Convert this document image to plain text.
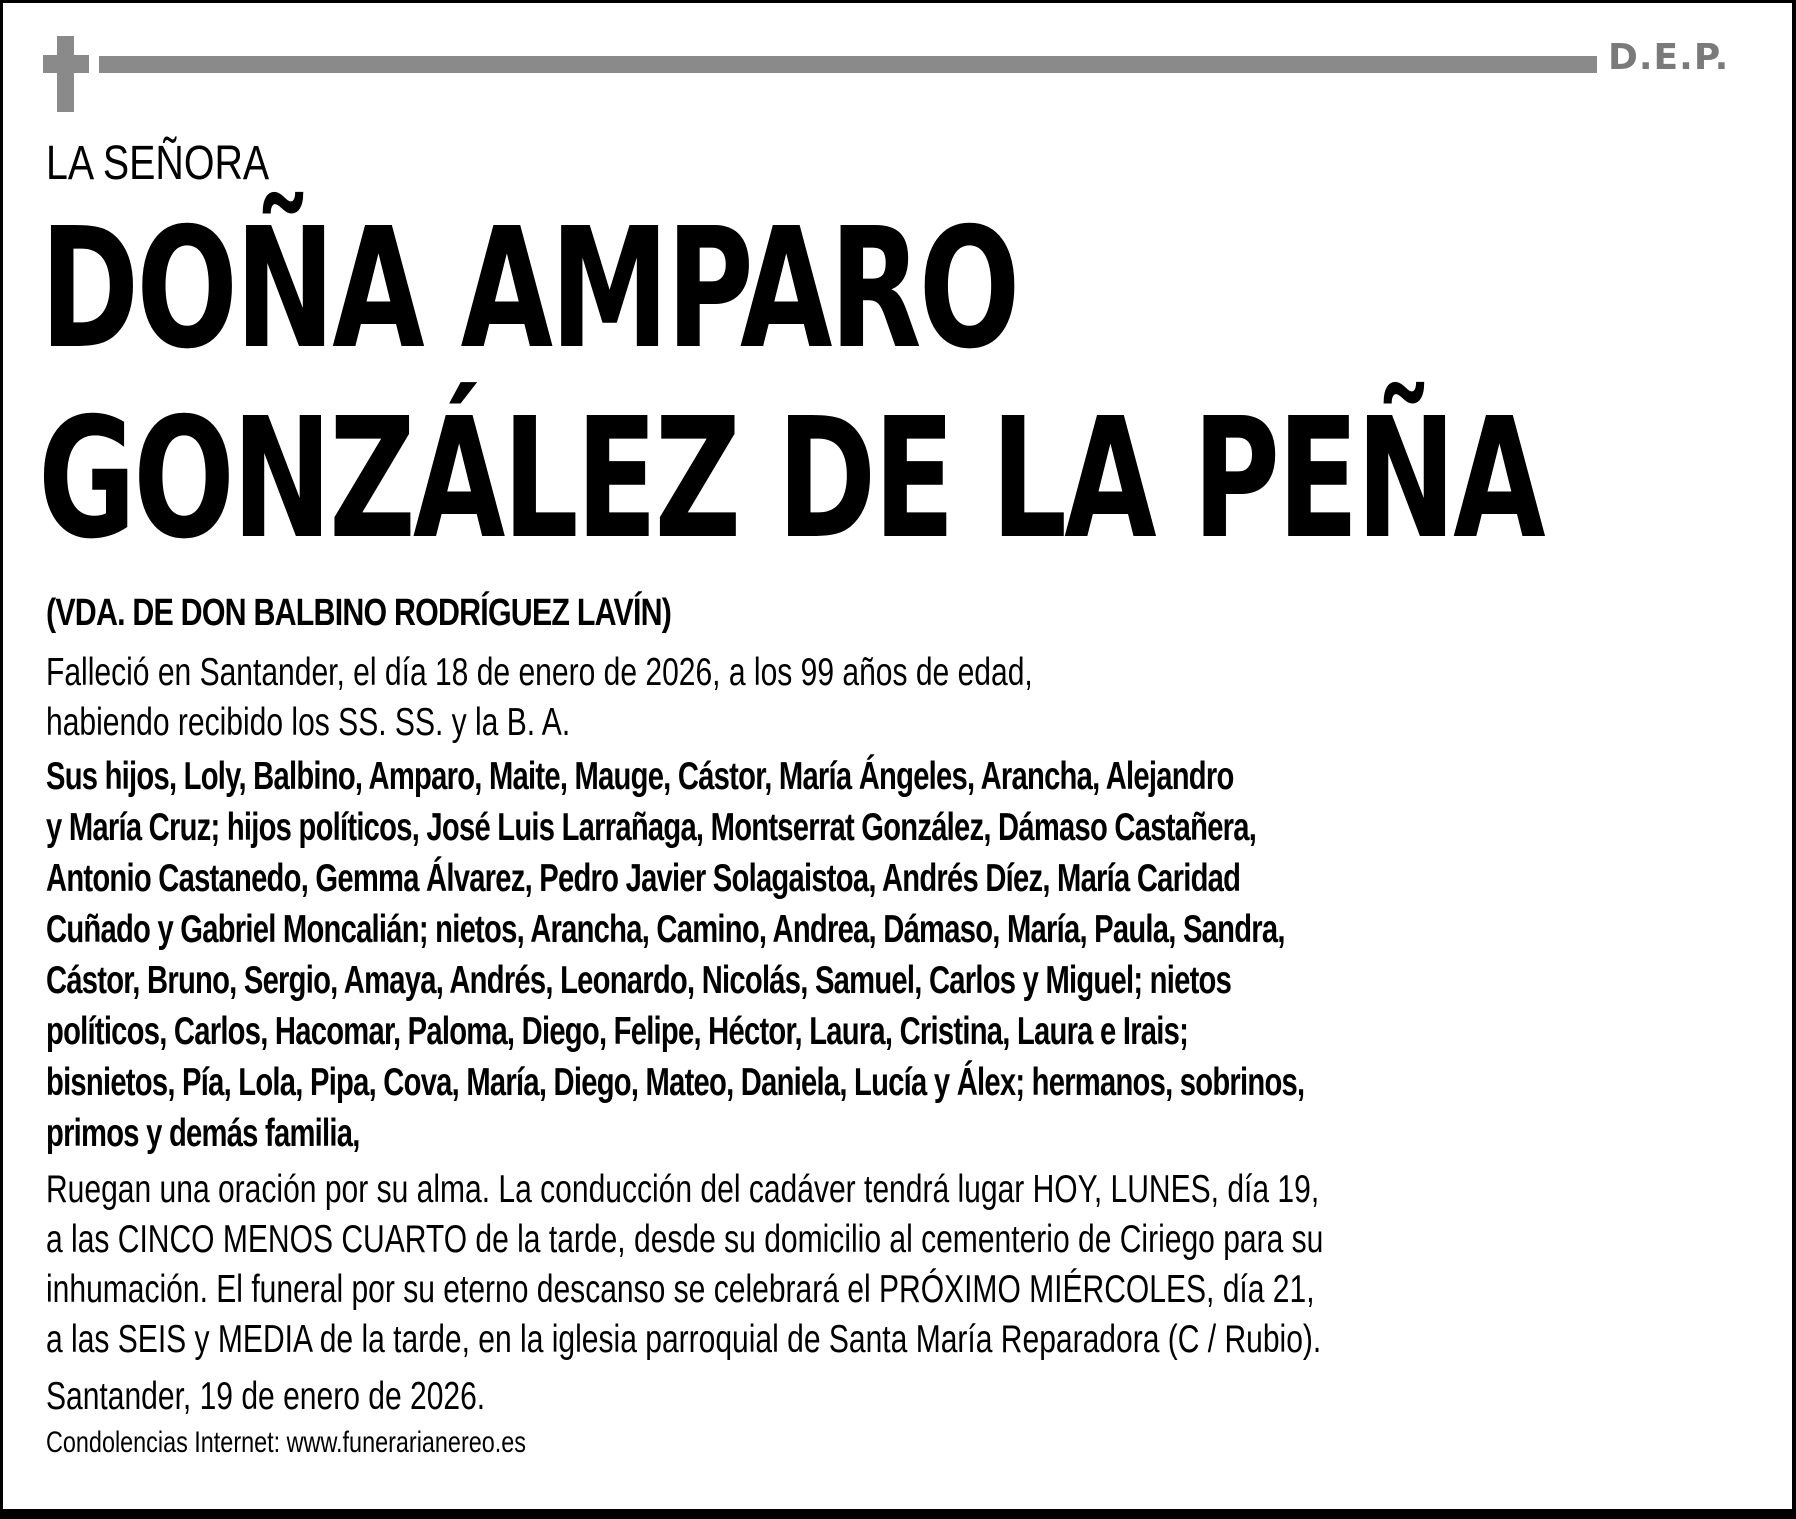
D.E.P.
LA SEÑORA
DOÑA AMPARO
GONZÁLEZ DE LA PEÑA
(VDA. DE DON BALBINO RODRÍGUEZ LAVÍN)
Falleció en Santander, el día 18 de enero de 2026, a los 99 años de edad,
habiendo recibido los SS. SS. y la B. A.
Sus hijos, Loly, Balbino, Amparo, Maite, Mauge, Cástor, María Ángeles, Arancha, Alejandro
y María Cruz; hijos políticos, José Luis Larrañaga, Montserrat González, Dámaso Castañera,
Antonio Castanedo, Gemma Álvarez, Pedro Javier Solagaistoa, Andrés Díez, María Caridad
Cuñado y Gabriel Moncalián; nietos, Arancha, Camino, Andrea, Dámaso, María, Paula, Sandra,
Cástor, Bruno, Sergio, Amaya, Andrés, Leonardo, Nicolás, Samuel, Carlos y Miguel; nietos
políticos, Carlos, Hacomar, Paloma, Diego, Felipe, Héctor, Laura, Cristina, Laura e Irais;
bisnietos, Pía, Lola, Pipa, Cova, María, Diego, Mateo, Daniela, Lucía y Álex; hermanos, sobrinos,
primos y demás familia,
Ruegan una oración por su alma. La conducción del cadáver tendrá lugar HOY, LUNES, día 19,
a las CINCO MENOS CUARTO de la tarde, desde su domicilio al cementerio de Ciriego para su
inhumación. El funeral por su eterno descanso se celebrará el PRÓXIMO MIÉRCOLES, día 21,
a las SEIS y MEDIA de la tarde, en la iglesia parroquial de Santa María Reparadora (C / Rubio).
Santander, 19 de enero de 2026.
Condolencias Internet: www.funerarianereo.es
